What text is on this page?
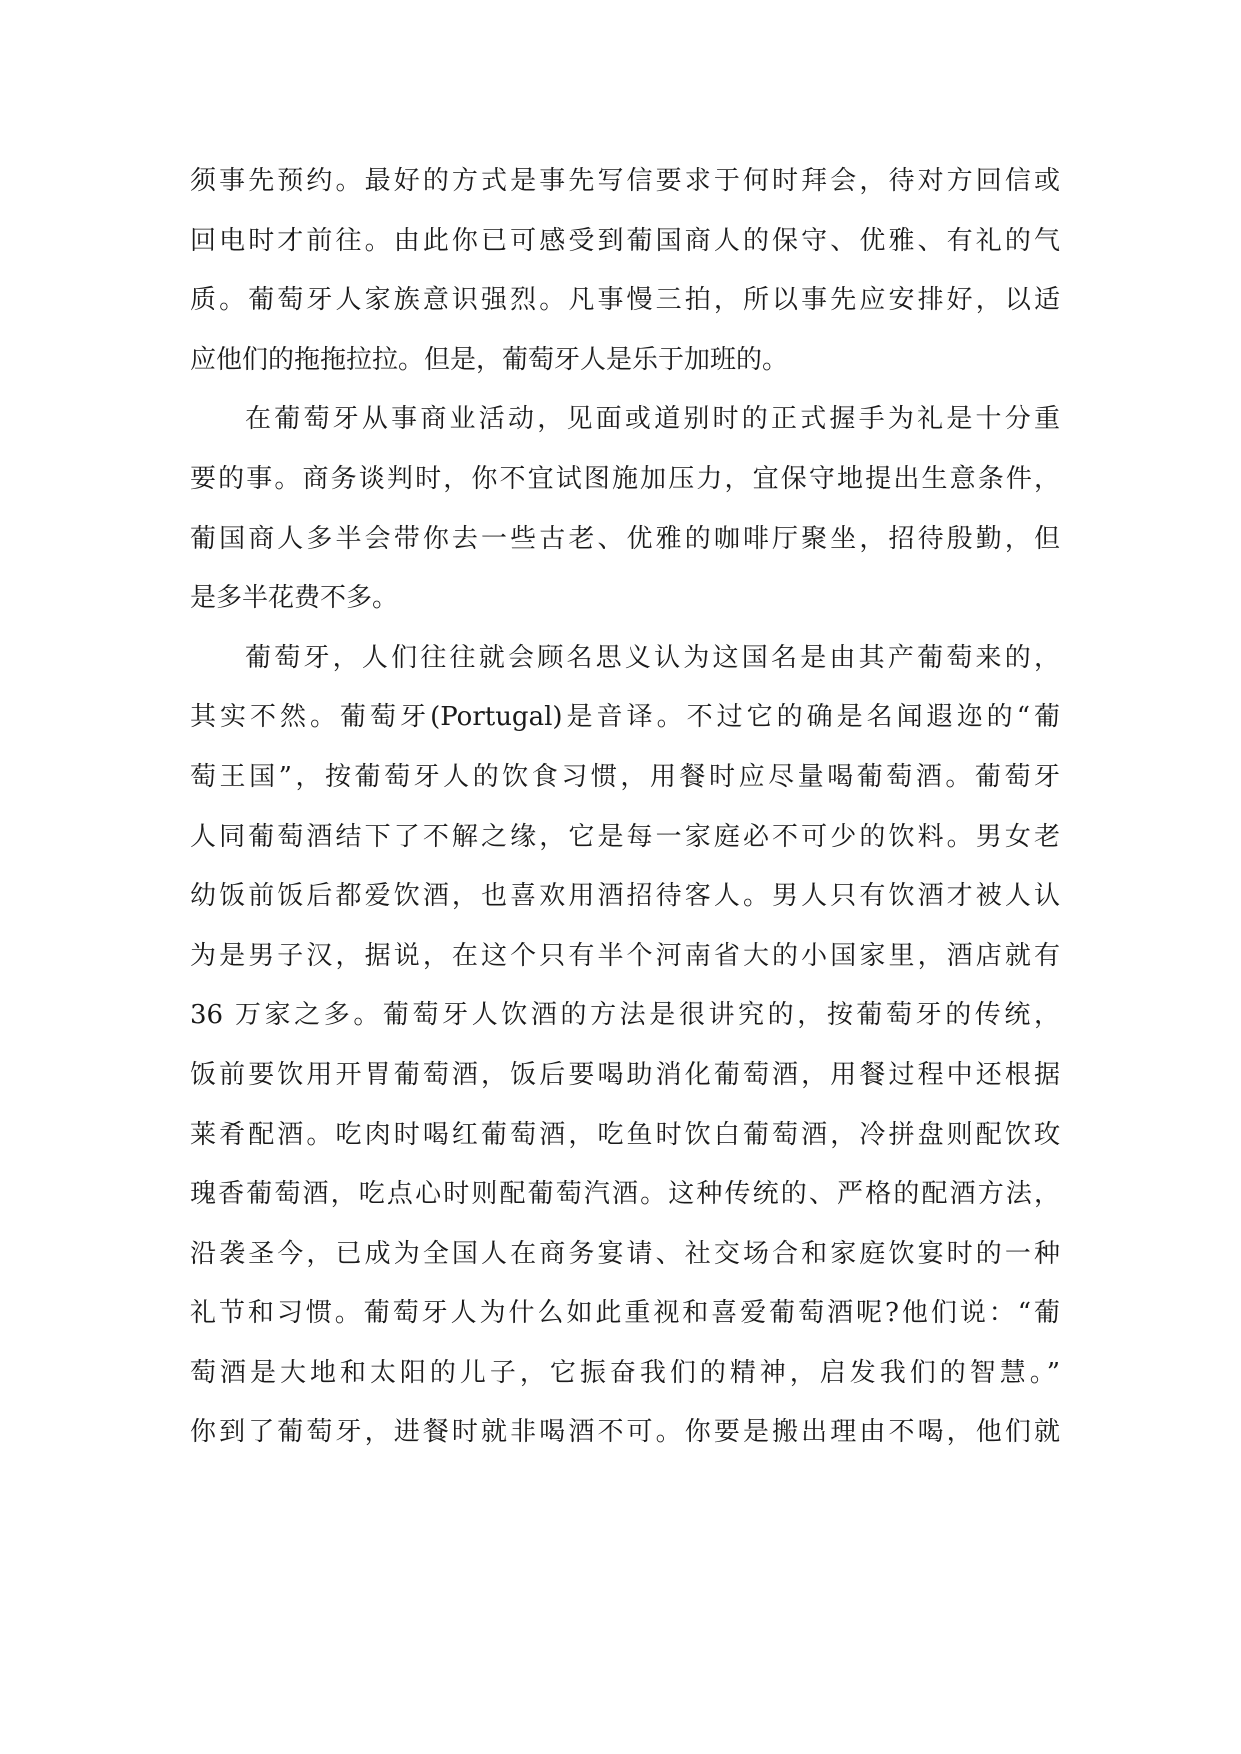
须事先预约。最好的方式是事先写信要求于何时拜会，待对方回信或
回电时才前往。由此你已可感受到葡国商人的保守、优雅、有礼的气
质。葡萄牙人家族意识强烈。凡事慢三拍，所以事先应安排好，以适
应他们的拖拖拉拉。但是，葡萄牙人是乐于加班的。
在葡萄牙从事商业活动，见面或道别时的正式握手为礼是十分重
要的事。商务谈判时，你不宜试图施加压力，宜保守地提出生意条件，
葡国商人多半会带你去一些古老、优雅的咖啡厅聚坐，招待殷勤，但
是多半花费不多。
葡萄牙，人们往往就会顾名思义认为这国名是由其产葡萄来的，
其实不然。葡萄牙(Portugal)是音译。不过它的确是名闻遐迩的“葡
萄王国”，按葡萄牙人的饮食习惯，用餐时应尽量喝葡萄酒。葡萄牙
人同葡萄酒结下了不解之缘，它是每一家庭必不可少的饮料。男女老
幼饭前饭后都爱饮酒，也喜欢用酒招待客人。男人只有饮酒才被人认
为是男子汉，据说，在这个只有半个河南省大的小国家里，酒店就有
36 万家之多。葡萄牙人饮酒的方法是很讲究的，按葡萄牙的传统，
饭前要饮用开胃葡萄酒，饭后要喝助消化葡萄酒，用餐过程中还根据
莱肴配酒。吃肉时喝红葡萄酒，吃鱼时饮白葡萄酒，冷拼盘则配饮玫
瑰香葡萄酒，吃点心时则配葡萄汽酒。这种传统的、严格的配酒方法，
沿袭圣今，已成为全国人在商务宴请、社交场合和家庭饮宴时的一种
礼节和习惯。葡萄牙人为什么如此重视和喜爱葡萄酒呢?他们说：“葡
萄酒是大地和太阳的儿子，它振奋我们的精神，启发我们的智慧。”
你到了葡萄牙，进餐时就非喝酒不可。你要是搬出理由不喝，他们就
